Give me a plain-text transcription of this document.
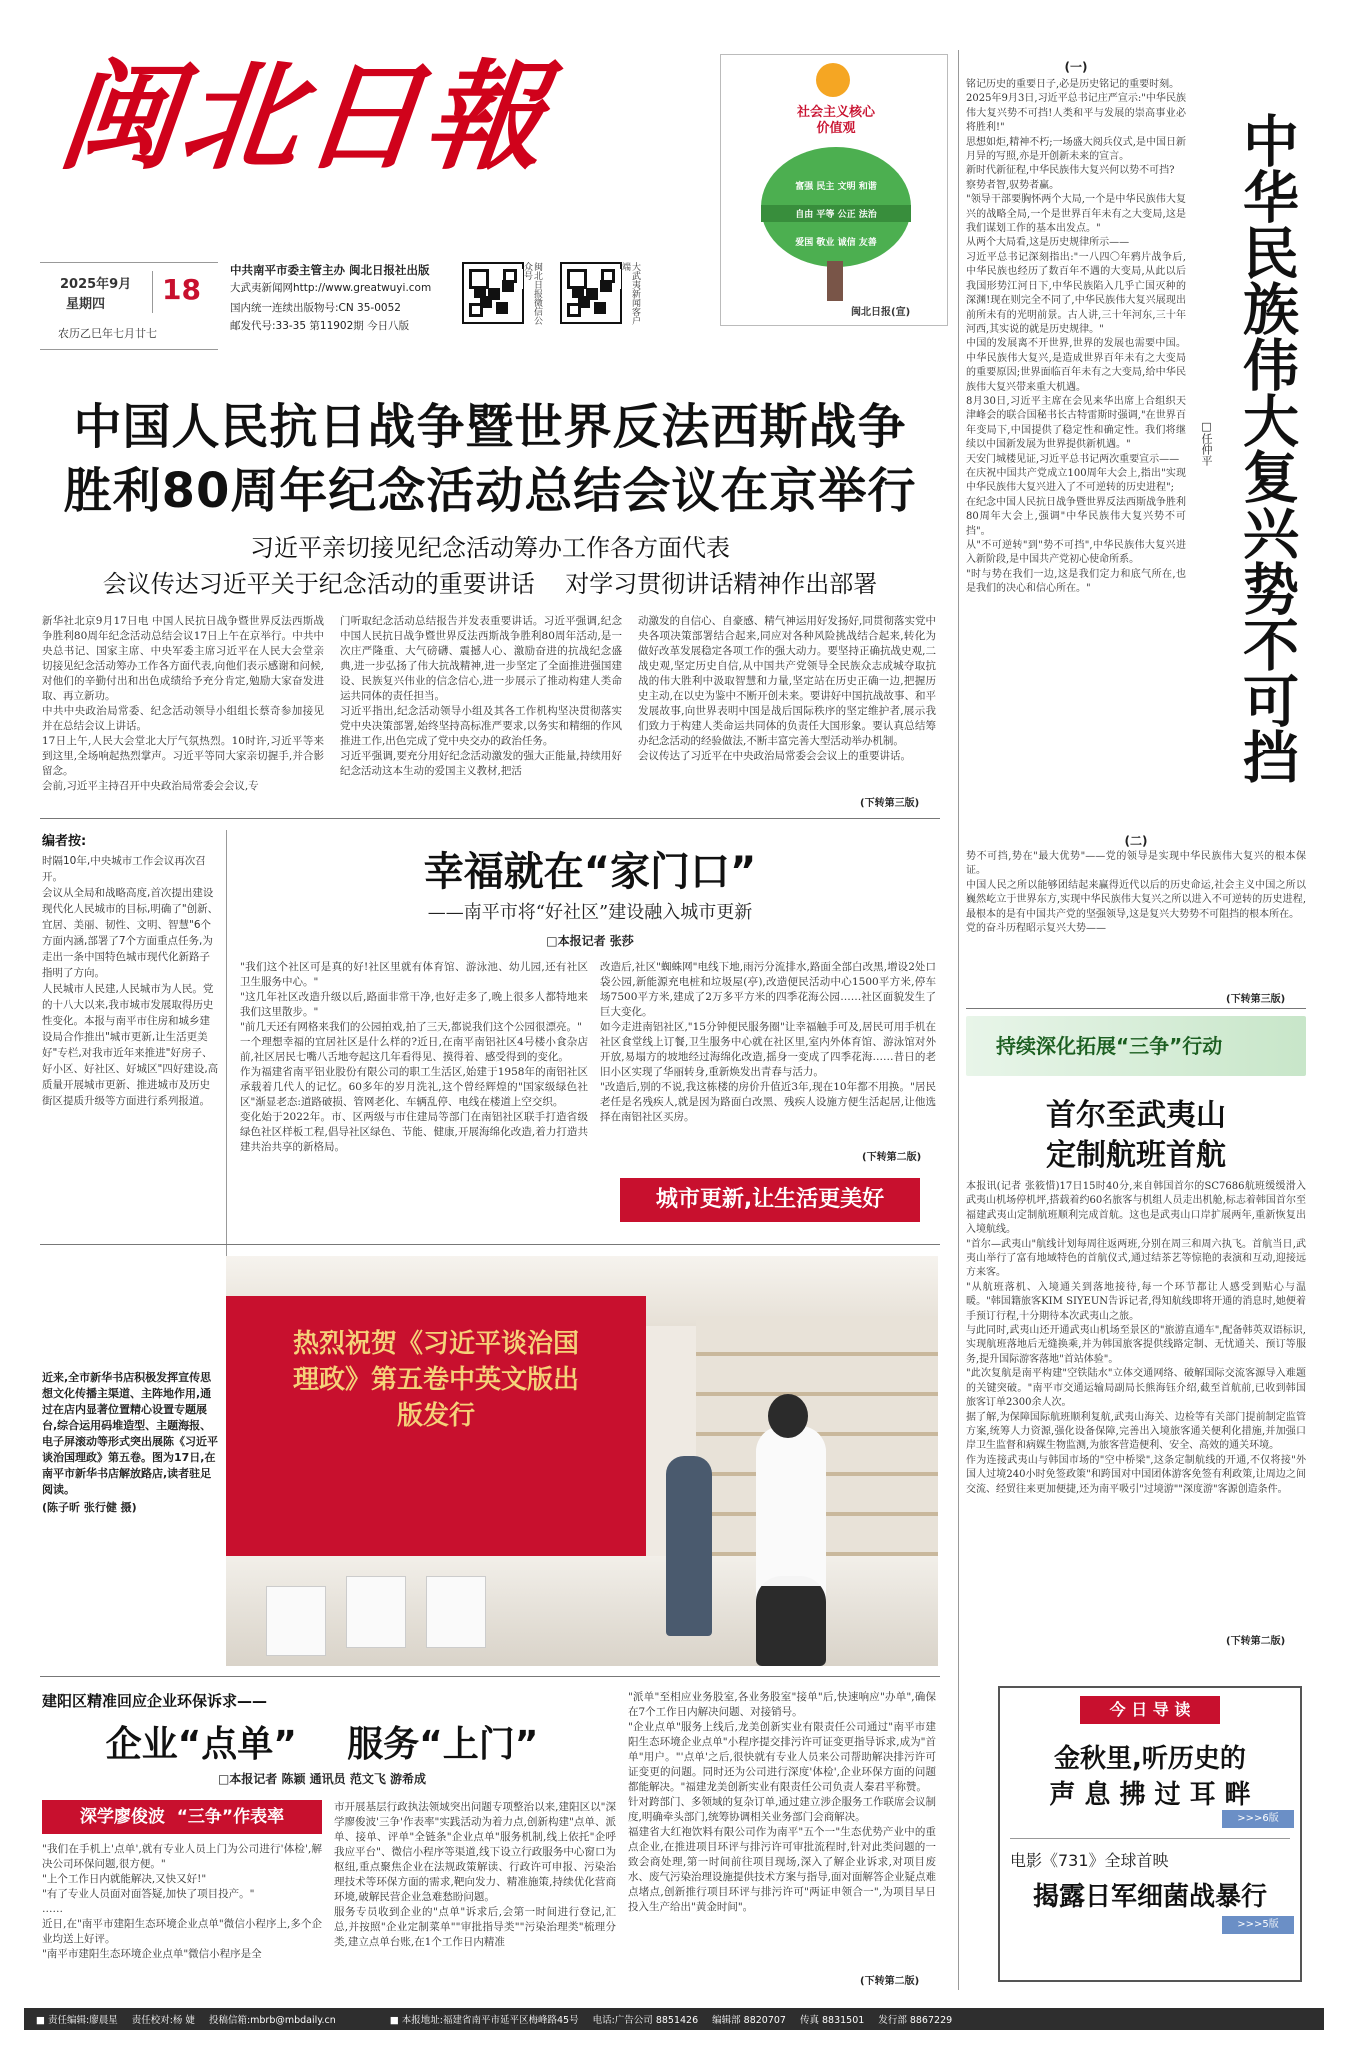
闽北日報
2025年9月
星期四 18
农历乙巳年七月廿七
中共南平市委主管主办 闽北日报社出版
大武夷新闻网http://www.greatwuyi.com
国内统一连续出版物号:CN 35-0052
邮发代号:33-35 第11902期 今日八版
闽北日报微信公众号	大武夷新闻客户端
社会主义核心价值观
富强 民主 文明 和谐
自由 平等 公正 法治
爱国 敬业 诚信 友善
闽北日报(宣)
中国人民抗日战争暨世界反法西斯战争
胜利80周年纪念活动总结会议在京举行
习近平亲切接见纪念活动筹办工作各方面代表
会议传达习近平关于纪念活动的重要讲话    对学习贯彻讲话精神作出部署
新华社北京9月17日电 中国人民抗日战争暨世界反法西斯战争胜利80周年纪念活动总结会议17日上午在京举行。中共中央总书记、国家主席、中央军委主席习近平在人民大会堂亲切接见纪念活动筹办工作各方面代表,向他们表示感谢和问候,对他们的辛勤付出和出色成绩给予充分肯定,勉励大家奋发进取、再立新功。
中共中央政治局常委、纪念活动领导小组组长蔡奇参加接见并在总结会议上讲话。
17日上午,人民大会堂北大厅气氛热烈。10时许,习近平等来到这里,全场响起热烈掌声。习近平等同大家亲切握手,并合影留念。
会前,习近平主持召开中央政治局常委会会议,专
门听取纪念活动总结报告并发表重要讲话。习近平强调,纪念中国人民抗日战争暨世界反法西斯战争胜利80周年活动,是一次庄严隆重、大气磅礴、震撼人心、激励奋进的抗战纪念盛典,进一步弘扬了伟大抗战精神,进一步坚定了全面推进强国建设、民族复兴伟业的信念信心,进一步展示了推动构建人类命运共同体的责任担当。
习近平指出,纪念活动领导小组及其各工作机构坚决贯彻落实党中央决策部署,始终坚持高标准严要求,以务实和精细的作风推进工作,出色完成了党中央交办的政治任务。
习近平强调,要充分用好纪念活动激发的强大正能量,持续用好纪念活动这本生动的爱国主义教材,把活
动激发的自信心、自豪感、精气神运用好发扬好,同贯彻落实党中央各项决策部署结合起来,同应对各种风险挑战结合起来,转化为做好改革发展稳定各项工作的强大动力。要坚持正确抗战史观,二战史观,坚定历史自信,从中国共产党领导全民族众志成城夺取抗战的伟大胜利中汲取智慧和力量,坚定站在历史正确一边,把握历史主动,在以史为鉴中不断开创未来。要讲好中国抗战故事、和平发展故事,向世界表明中国是战后国际秩序的坚定维护者,展示我们致力于构建人类命运共同体的负责任大国形象。要认真总结筹办纪念活动的经验做法,不断丰富完善大型活动举办机制。
会议传达了习近平在中央政治局常委会会议上的重要讲话。
(下转第三版)
编者按:
时隔10年,中央城市工作会议再次召开。
会议从全局和战略高度,首次提出建设现代化人民城市的目标,明确了"创新、宜居、美丽、韧性、文明、智慧"6个方面内涵,部署了7个方面重点任务,为走出一条中国特色城市现代化新路子指明了方向。
人民城市人民建,人民城市为人民。党的十八大以来,我市城市发展取得历史性变化。本报与南平市住房和城乡建设局合作推出"城市更新,让生活更美好"专栏,对我市近年来推进"好房子、好小区、好社区、好城区"四好建设,高质量开展城市更新、推进城市及历史街区提质升级等方面进行系列报道。
幸福就在“家门口”
——南平市将“好社区”建设融入城市更新
□本报记者 张莎
"我们这个社区可是真的好!社区里就有体育馆、游泳池、幼儿园,还有社区卫生服务中心。"
"这几年社区改造升级以后,路面非常干净,也好走多了,晚上很多人都特地来我们这里散步。"
"前几天还有网格来我们的公园拍戏,拍了三天,都说我们这个公园很漂亮。"
一个理想幸福的宜居社区是什么样的?近日,在南平南铝社区4号楼小食杂店前,社区居民七嘴八舌地夸起这几年看得见、摸得着、感受得到的变化。
作为福建省南平铝业股份有限公司的职工生活区,始建于1958年的南铝社区承载着几代人的记忆。60多年的岁月洗礼,这个曾经辉煌的"国家级绿色社区"渐显老态:道路破损、管网老化、车辆乱停、电线在楼道上空交织。
变化始于2022年。市、区两级与市住建局等部门在南铝社区联手打造省级绿色社区样板工程,倡导社区绿色、节能、健康,开展海绵化改造,着力打造共建共治共享的新格局。
改造后,社区"蜘蛛网"电线下地,雨污分流排水,路面全部白改黑,增设2处口袋公园,新能源充电桩和垃圾屋(亭),改造便民活动中心1500平方米,停车场7500平方米,建成了2万多平方米的四季花海公园……社区面貌发生了巨大变化。
如今走进南铝社区,"15分钟便民服务圈"让幸福触手可及,居民可用手机在社区食堂线上订餐,卫生服务中心就在社区里,室内外体育馆、游泳馆对外开放,易塌方的坡地经过海绵化改造,摇身一变成了四季花海……昔日的老旧小区实现了华丽转身,重新焕发出青春与活力。
"改造后,别的不说,我这栋楼的房价升值近3年,现在10年都不用换。"居民老任是名残疾人,就是因为路面白改黑、残疾人设施方便生活起居,让他选择在南铝社区买房。
(下转第二版)
城市更新,让生活更美好
近来,全市新华书店积极发挥宣传思想文化传播主渠道、主阵地作用,通过在店内显著位置精心设置专题展台,综合运用码堆造型、主题海报、电子屏滚动等形式突出展陈《习近平谈治国理政》第五卷。图为17日,在南平市新华书店解放路店,读者驻足阅读。
(陈子昕 张行健 摄)
热烈祝贺《习近平谈治国理政》第五卷中英文版出版发行
建阳区精准回应企业环保诉求——
企业“点单”    服务“上门”
□本报记者 陈颖 通讯员 范文飞 游希成
深学廖俊波  “三争”作表率
"我们在手机上'点单',就有专业人员上门为公司进行'体检',解决公司环保问题,很方便。"
"上个工作日内就能解决,又快又好!"
"有了专业人员面对面答疑,加快了项目投产。"
……
近日,在"南平市建阳生态环境企业点单"微信小程序上,多个企业均送上好评。
"南平市建阳生态环境企业点单"微信小程序是全
市开展基层行政执法领域突出问题专项整治以来,建阳区以"深学廖俊波'三争'作表率"实践活动为着力点,创新构建"点单、派单、接单、评单"全链条"企业点单"服务机制,线上依托"企呼我应平台"、微信小程序等渠道,线下设立行政服务中心窗口为枢纽,重点聚焦企业在法规政策解读、行政许可申报、污染治理技术等环保方面的需求,靶向发力、精准施策,持续优化营商环境,破解民营企业急难愁盼问题。
服务专员收到企业的"点单"诉求后,会第一时间进行登记,汇总,并按照"企业定制菜单""审批指导类""污染治理类"梳理分类,建立点单台账,在1个工作日内精准
"派单"至相应业务股室,各业务股室"接单"后,快速响应"办单",确保在7个工作日内解决问题、对接销号。
"企业点单"服务上线后,龙美创新实业有限责任公司通过"南平市建阳生态环境企业点单"小程序提交排污许可证变更指导诉求,成为"首单"用户。"'点单'之后,很快就有专业人员来公司帮助解决排污许可证变更的问题。同时还为公司进行深度'体检',企业环保方面的问题都能解决。"福建龙美创新实业有限责任公司负责人秦君平称赞。
针对跨部门、多领域的复杂订单,通过建立涉企服务工作联席会议制度,明确牵头部门,统筹协调相关业务部门会商解决。
福建省大红袍饮料有限公司作为南平"五个一"生态优势产业中的重点企业,在推进项目环评与排污许可审批流程时,针对此类问题的一致会商处理,第一时间前往项目现场,深入了解企业诉求,对项目废水、废气污染治理设施提供技术方案与指导,面对面解答企业疑点难点堵点,创新推行项目环评与排污许可"两证申领合一",为项目早日投入生产给出"黄金时间"。
(下转第二版)
(一)
铭记历史的重要日子,必是历史铭记的重要时刻。
2025年9月3日,习近平总书记庄严宣示:"中华民族伟大复兴势不可挡!人类和平与发展的崇高事业必将胜利!"
思想如炬,精神不朽;一场盛大阅兵仪式,是中国日新月异的写照,亦是开创新未来的宣言。
新时代新征程,中华民族伟大复兴何以势不可挡?
察势者智,驭势者赢。
"领导干部要胸怀两个大局,一个是中华民族伟大复兴的战略全局,一个是世界百年未有之大变局,这是我们谋划工作的基本出发点。"
从两个大局看,这是历史规律所示——
习近平总书记深刻指出:"一八四〇年鸦片战争后,中华民族也经历了数百年不遇的大变局,从此以后我国形势江河日下,中华民族陷入几乎亡国灭种的深渊!现在则完全不同了,中华民族伟大复兴展现出前所未有的光明前景。古人讲,三十年河东,三十年河西,其实说的就是历史规律。"
中国的发展离不开世界,世界的发展也需要中国。中华民族伟大复兴,是造成世界百年未有之大变局的重要原因;世界面临百年未有之大变局,给中华民族伟大复兴带来重大机遇。
8月30日,习近平主席在会见来华出席上合组织天津峰会的联合国秘书长古特雷斯时强调,"在世界百年变局下,中国提供了稳定性和确定性。我们将继续以中国新发展为世界提供新机遇。"
天安门城楼见证,习近平总书记两次重要宣示——
在庆祝中国共产党成立100周年大会上,指出"实现中华民族伟大复兴进入了不可逆转的历史进程";
在纪念中国人民抗日战争暨世界反法西斯战争胜利80周年大会上,强调"中华民族伟大复兴势不可挡"。
从"不可逆转"到"势不可挡",中华民族伟大复兴进入新阶段,是中国共产党初心使命所系。
"时与势在我们一边,这是我们定力和底气所在,也是我们的决心和信心所在。"	中华民族伟大复兴势不可挡
□任仲平
(二)
势不可挡,势在"最大优势"——党的领导是实现中华民族伟大复兴的根本保证。
中国人民之所以能够团结起来赢得近代以后的历史命运,社会主义中国之所以巍然屹立于世界东方,实现中华民族伟大复兴之所以进入不可逆转的历史进程,最根本的是有中国共产党的坚强领导,这是复兴大势势不可阻挡的根本所在。
党的奋斗历程昭示复兴大势——
(下转第三版)
持续深化拓展“三争”行动
首尔至武夷山
定制航班首航
本报讯(记者 张筱惜)17日15时40分,来自韩国首尔的SC7686航班缓缓滑入武夷山机场停机坪,搭载着约60名旅客与机组人员走出机舱,标志着韩国首尔至福建武夷山定制航班顺利完成首航。这也是武夷山口岸扩展两年,重新恢复出入境航线。
"首尔—武夷山"航线计划每周往返两班,分别在周三和周六执飞。首航当日,武夷山举行了富有地域特色的首航仪式,通过结茶艺等惊艳的表演和互动,迎接远方来客。
"从航班落机、入境通关到落地接待,每一个环节都让人感受到贴心与温暖。"韩国籍旅客KIM SIYEUN告诉记者,得知航线即将开通的消息时,她便着手预订行程,十分期待本次武夷山之旅。
与此同时,武夷山还开通武夷山机场至景区的"旅游直通车",配备韩英双语标识,实现航班落地后无缝换乘,并为韩国旅客提供线路定制、无忧通关、预订等服务,提升国际游客落地"首站体验"。
"此次复航是南平构建"空铁陆水"立体交通网络、破解国际交流客源导入难题的关键突破。"南平市交通运输局副局长熊海钰介绍,截至首航前,已收到韩国旅客订单2300余人次。
据了解,为保障国际航班顺利复航,武夷山海关、边检等有关部门提前制定监管方案,统筹人力资源,强化设备保障,完善出入境旅客通关便利化措施,并加强口岸卫生监督和病媒生物监测,为旅客营造便利、安全、高效的通关环境。
作为连接武夷山与韩国市场的"空中桥梁",这条定制航线的开通,不仅将接"外国人过境240小时免签政策"和跨国对中国团体游客免签有利政策,让周边之间交流、经贸往来更加便捷,还为南平吸引"过境游""深度游"客源创造条件。
(下转第二版)
今 日 导 读
金秋里,听历史的
声 息 拂 过 耳 畔
>>>6版
电影《731》全球首映
揭露日军细菌战暴行
>>>5版
■ 责任编辑:廖晨星 责任校对:杨 婕 投稿信箱:mbrb@mbdaily.cn	■ 本报地址:福建省南平市延平区梅峰路45号 电话:广告公司 8851426 编辑部 8820707 传真 8831501 发行部 8867229
